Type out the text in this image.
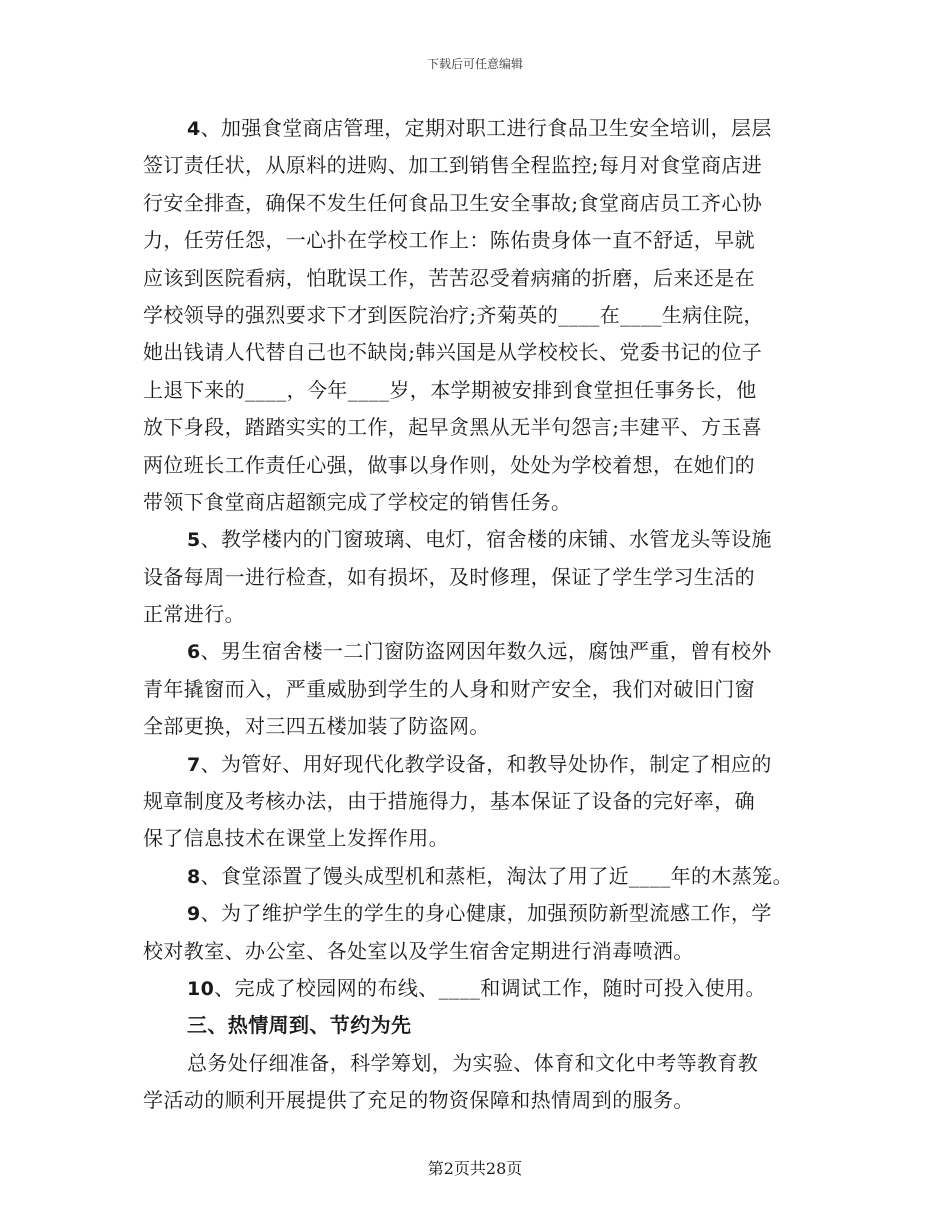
下载后可任意编辑
4、加强食堂商店管理，定期对职工进行食品卫生安全培训，层层
签订责任状，从原料的进购、加工到销售全程监控;每月对食堂商店进
行安全排查，确保不发生任何食品卫生安全事故;食堂商店员工齐心协
力，任劳任怨，一心扑在学校工作上：陈佑贵身体一直不舒适，早就
应该到医院看病，怕耽误工作，苦苦忍受着病痛的折磨，后来还是在
学校领导的强烈要求下才到医院治疗;齐菊英的____在____生病住院，
她出钱请人代替自己也不缺岗;韩兴国是从学校校长、党委书记的位子
上退下来的____，今年____岁，本学期被安排到食堂担任事务长，他
放下身段，踏踏实实的工作，起早贪黑从无半句怨言;丰建平、方玉喜
两位班长工作责任心强，做事以身作则，处处为学校着想，在她们的
带领下食堂商店超额完成了学校定的销售任务。
5、教学楼内的门窗玻璃、电灯，宿舍楼的床铺、水管龙头等设施
设备每周一进行检查，如有损坏，及时修理，保证了学生学习生活的
正常进行。
6、男生宿舍楼一二门窗防盗网因年数久远，腐蚀严重，曾有校外
青年撬窗而入，严重威胁到学生的人身和财产安全，我们对破旧门窗
全部更换，对三四五楼加装了防盗网。
7、为管好、用好现代化教学设备，和教导处协作，制定了相应的
规章制度及考核办法，由于措施得力，基本保证了设备的完好率，确
保了信息技术在课堂上发挥作用。
8、食堂添置了馒头成型机和蒸柜，淘汰了用了近____年的木蒸笼。
9、为了维护学生的学生的身心健康，加强预防新型流感工作，学
校对教室、办公室、各处室以及学生宿舍定期进行消毒喷洒。
10、完成了校园网的布线、____和调试工作，随时可投入使用。
三、热情周到、节约为先
总务处仔细准备，科学筹划，为实验、体育和文化中考等教育教
学活动的顺利开展提供了充足的物资保障和热情周到的服务。
第2页共28页
